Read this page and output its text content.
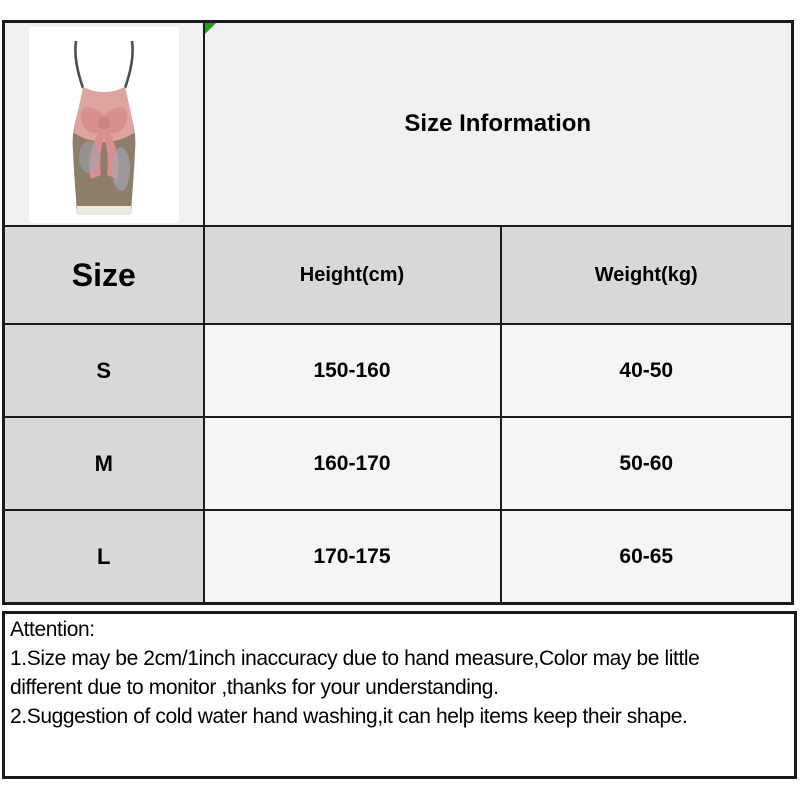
Size Information	

Size	Height(cm)	Weight(kg)
S	150-160	40-50
M	160-170	50-60
L	170-175	60-65
Attention:
1.Size may be 2cm/1inch inaccuracy due to hand measure,Color may be little
different due to monitor ,thanks for your understanding.
2.Suggestion of cold water hand washing,it can help items keep their shape.
